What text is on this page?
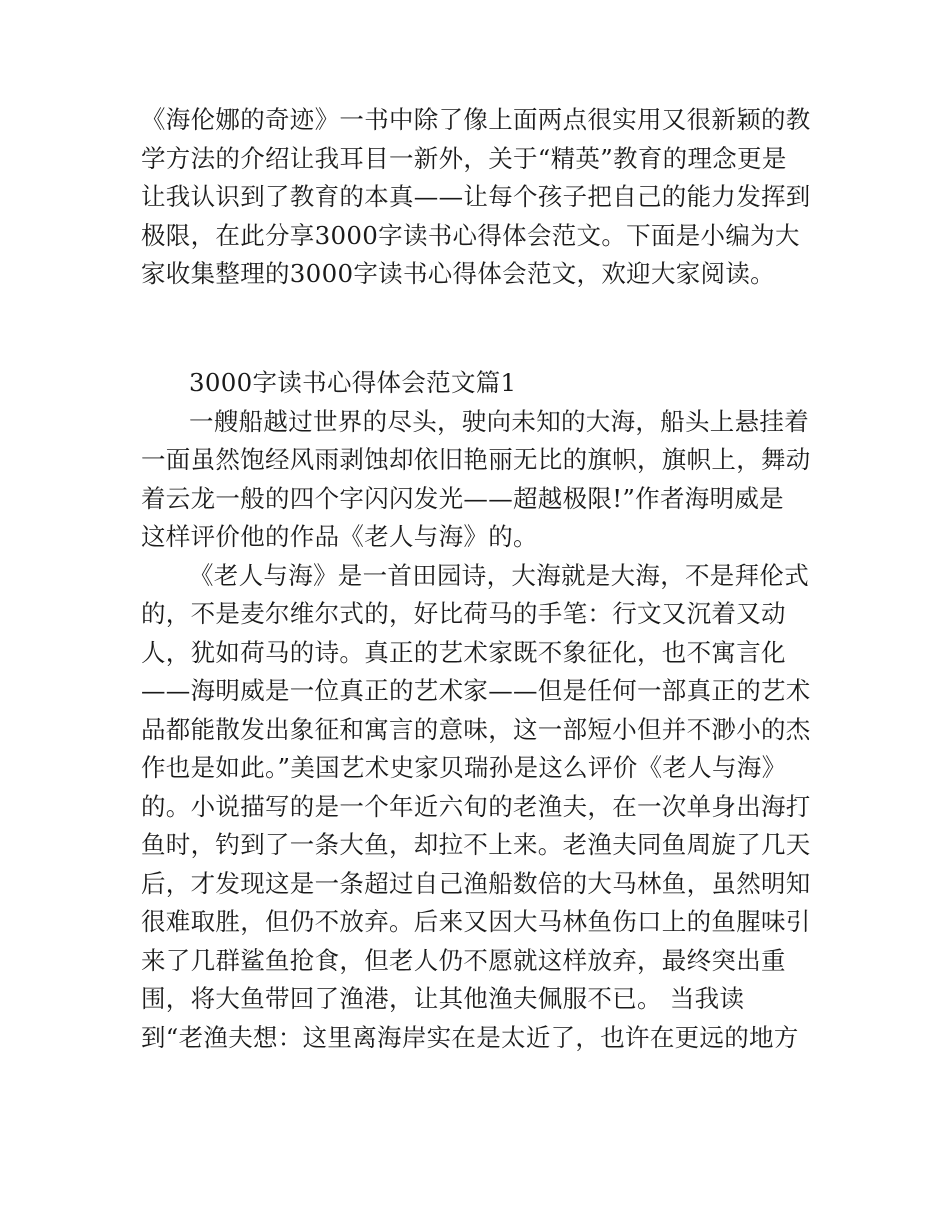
《海伦娜的奇迹》一书中除了像上面两点很实用又很新颖的教
学方法的介绍让我耳目一新外，关于“精英”教育的理念更是
让我认识到了教育的本真——让每个孩子把自己的能力发挥到
极限，在此分享3000字读书心得体会范文。下面是小编为大
家收集整理的3000字读书心得体会范文，欢迎大家阅读。
3000字读书心得体会范文篇1
一艘船越过世界的尽头，驶向未知的大海，船头上悬挂着
一面虽然饱经风雨剥蚀却依旧艳丽无比的旗帜，旗帜上，舞动
着云龙一般的四个字闪闪发光——超越极限!”作者海明威是
这样评价他的作品《老人与海》的。
《老人与海》是一首田园诗，大海就是大海，不是拜伦式
的，不是麦尔维尔式的，好比荷马的手笔：行文又沉着又动
人，犹如荷马的诗。真正的艺术家既不象征化，也不寓言化
——海明威是一位真正的艺术家——但是任何一部真正的艺术
品都能散发出象征和寓言的意味，这一部短小但并不渺小的杰
作也是如此。”美国艺术史家贝瑞孙是这么评价《老人与海》
的。小说描写的是一个年近六旬的老渔夫，在一次单身出海打
鱼时，钓到了一条大鱼，却拉不上来。老渔夫同鱼周旋了几天
后，才发现这是一条超过自己渔船数倍的大马林鱼，虽然明知
很难取胜，但仍不放弃。后来又因大马林鱼伤口上的鱼腥味引
来了几群鲨鱼抢食，但老人仍不愿就这样放弃，最终突出重
围，将大鱼带回了渔港，让其他渔夫佩服不已。 当我读
到“老渔夫想：这里离海岸实在是太近了，也许在更远的地方
